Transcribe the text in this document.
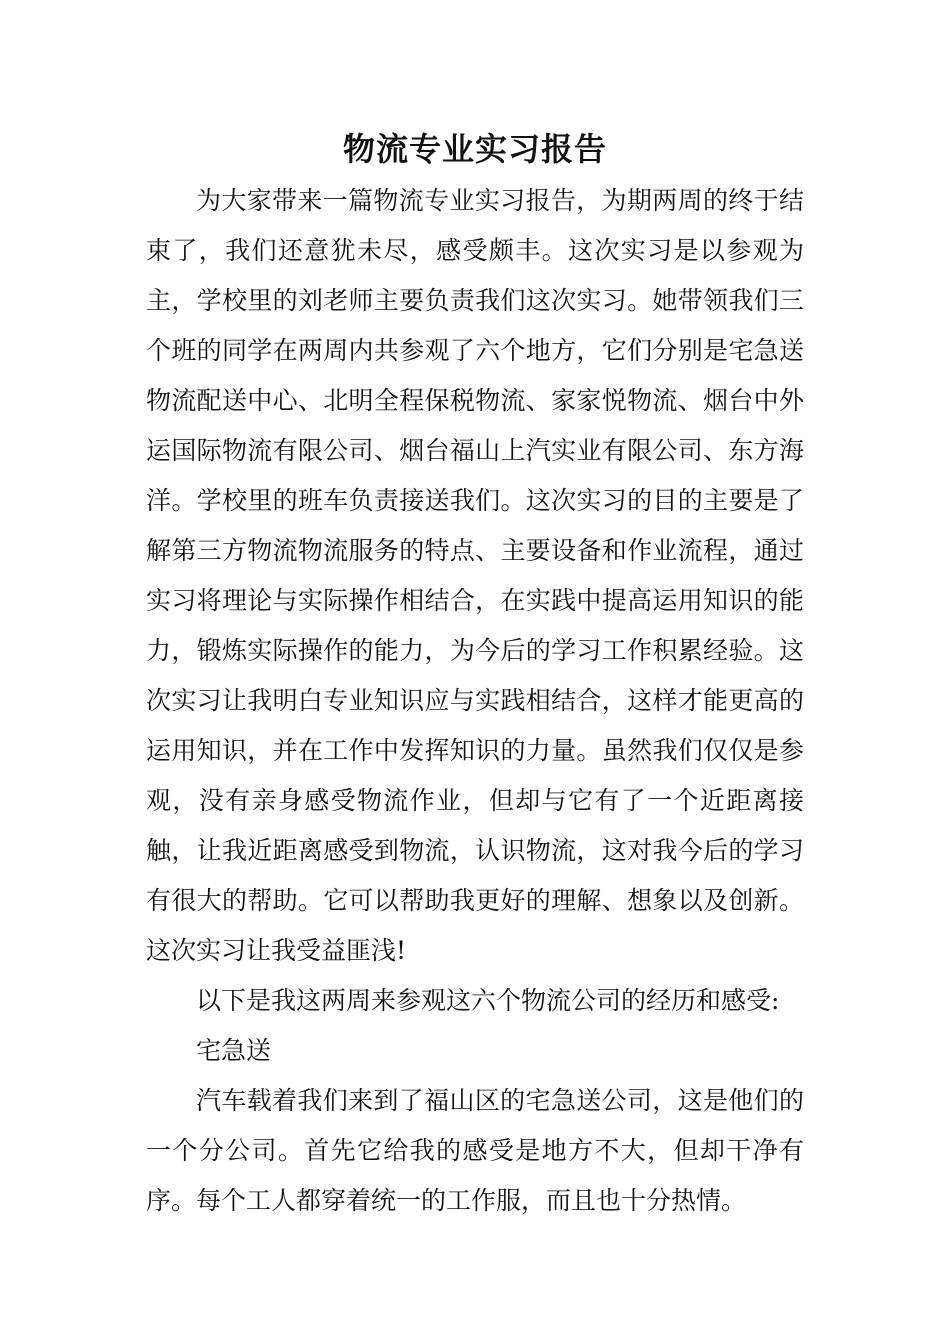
物流专业实习报告

为大家带来一篇物流专业实习报告，为期两周的终于结束了，我们还意犹未尽，感受颇丰。这次实习是以参观为主，学校里的刘老师主要负责我们这次实习。她带领我们三个班的同学在两周内共参观了六个地方，它们分别是宅急送物流配送中心、北明全程保税物流、家家悦物流、烟台中外运国际物流有限公司、烟台福山上汽实业有限公司、东方海洋。学校里的班车负责接送我们。这次实习的目的主要是了解第三方物流物流服务的特点、主要设备和作业流程，通过实习将理论与实际操作相结合，在实践中提高运用知识的能力，锻炼实际操作的能力，为今后的学习工作积累经验。这次实习让我明白专业知识应与实践相结合，这样才能更高的运用知识，并在工作中发挥知识的力量。虽然我们仅仅是参观，没有亲身感受物流作业，但却与它有了一个近距离接触，让我近距离感受到物流，认识物流，这对我今后的学习有很大的帮助。它可以帮助我更好的理解、想象以及创新。这次实习让我受益匪浅!

以下是我这两周来参观这六个物流公司的经历和感受:

宅急送

汽车载着我们来到了福山区的宅急送公司，这是他们的一个分公司。首先它给我的感受是地方不大，但却干净有序。每个工人都穿着统一的工作服，而且也十分热情。
